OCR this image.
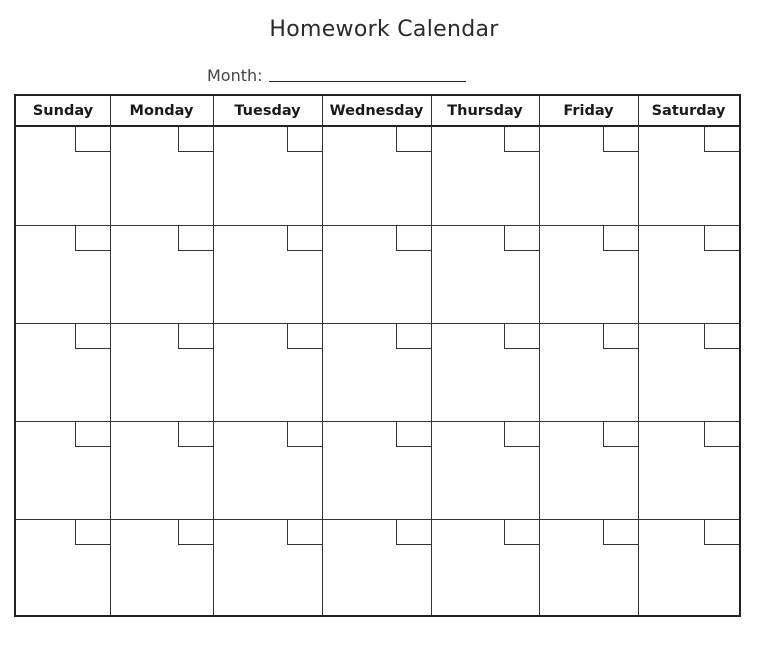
Homework Calendar
Month:
Sunday	Monday	Tuesday	Wednesday	Thursday	Friday	Saturday
